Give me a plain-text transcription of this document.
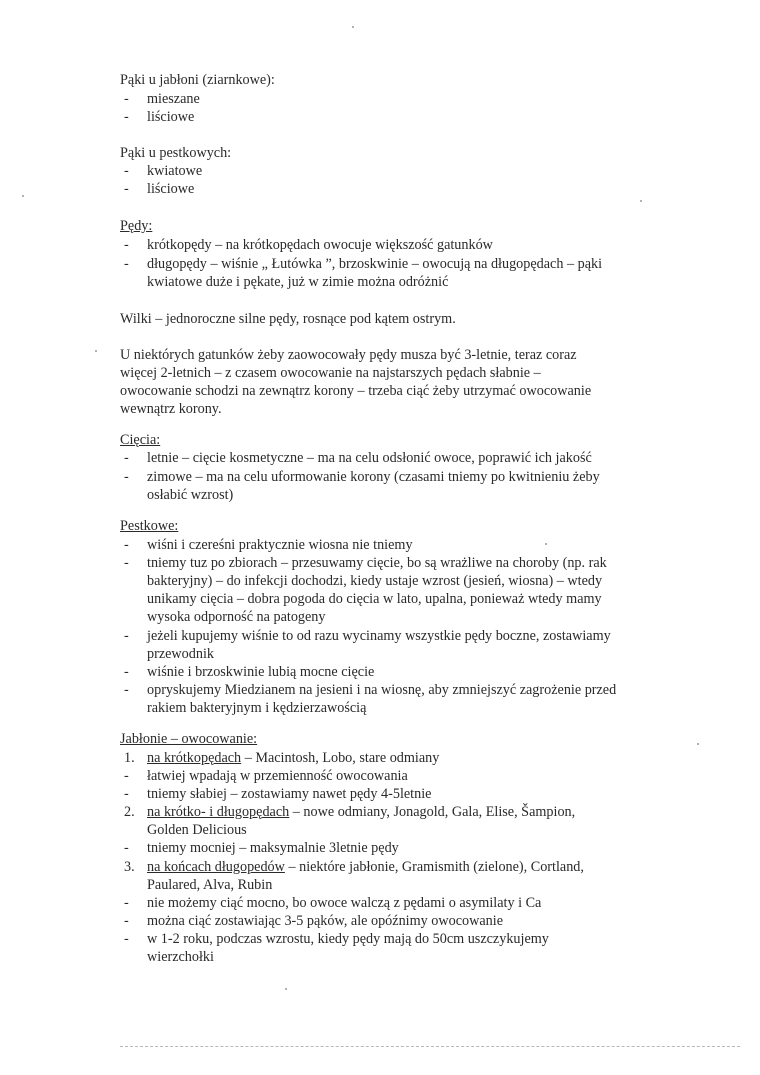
Pąki u jabłoni (ziarnkowe):
- mieszane
- liściowe
Pąki u pestkowych:
- kwiatowe
- liściowe
Pędy:
- krótkopędy – na krótkopędach owocuje większość gatunków
- długopędy – wiśnie „ Łutówka ”, brzoskwinie – owocują na długopędach – pąki
kwiatowe duże i pękate, już w zimie można odróżnić
Wilki – jednoroczne silne pędy, rosnące pod kątem ostrym.
U niektórych gatunków żeby zaowocowały pędy musza być 3-letnie, teraz coraz
więcej 2-letnich – z czasem owocowanie na najstarszych pędach słabnie –
owocowanie schodzi na zewnątrz korony – trzeba ciąć żeby utrzymać owocowanie
wewnątrz korony.
Cięcia:
- letnie – cięcie kosmetyczne – ma na celu odsłonić owoce, poprawić ich jakość
- zimowe – ma na celu uformowanie korony (czasami tniemy po kwitnieniu żeby
osłabić wzrost)
Pestkowe:
- wiśni i czereśni praktycznie wiosna nie tniemy
- tniemy tuz po zbiorach – przesuwamy cięcie, bo są wrażliwe na choroby (np. rak
bakteryjny) – do infekcji dochodzi, kiedy ustaje wzrost (jesień, wiosna) – wtedy
unikamy cięcia – dobra pogoda do cięcia w lato, upalna, ponieważ wtedy mamy
wysoka odporność na patogeny
- jeżeli kupujemy wiśnie to od razu wycinamy wszystkie pędy boczne, zostawiamy
przewodnik
- wiśnie i brzoskwinie lubią mocne cięcie
- opryskujemy Miedzianem na jesieni i na wiosnę, aby zmniejszyć zagrożenie przed
rakiem bakteryjnym i kędzierzawością
Jabłonie – owocowanie:
1. na krótkopędach – Macintosh, Lobo, stare odmiany
- łatwiej wpadają w przemienność owocowania
- tniemy słabiej – zostawiamy nawet pędy 4-5letnie
2. na krótko- i długopędach – nowe odmiany, Jonagold, Gala, Elise, Šampion,
Golden Delicious
- tniemy mocniej – maksymalnie 3letnie pędy
3. na końcach długopedów – niektóre jabłonie, Gramismith (zielone), Cortland,
Paulared, Alva, Rubin
- nie możemy ciąć mocno, bo owoce walczą z pędami o asymilaty i Ca
- można ciąć zostawiając 3-5 pąków, ale opóźnimy owocowanie
- w 1-2 roku, podczas wzrostu, kiedy pędy mają do 50cm uszczykujemy
wierzchołki
